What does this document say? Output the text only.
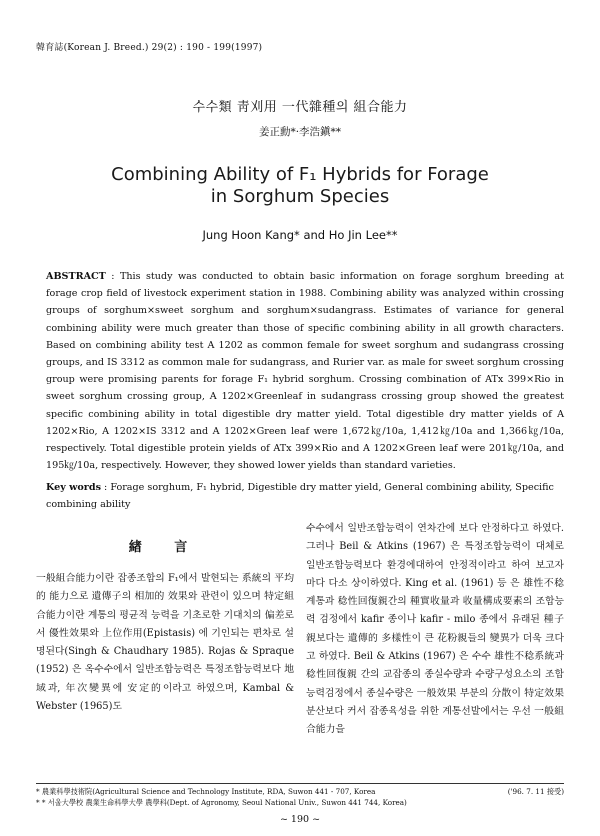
韓育誌(Korean J. Breed.) 29(2) : 190 - 199(1997)
수수類 靑刈用 一代雜種의 組合能力
姜正勳*·李浩鎭**
Combining Ability of F₁ Hybrids for Forage
in Sorghum Species
Jung Hoon Kang* and Ho Jin Lee**
ABSTRACT : This study was conducted to obtain basic information on forage sorghum breeding at forage crop field of livestock experiment station in 1988. Combining ability was analyzed within crossing groups of sorghum×sweet sorghum and sorghum×sudangrass. Estimates of variance for general combining ability were much greater than those of specific combining ability in all growth characters. Based on combining ability test A 1202 as common female for sweet sorghum and sudangrass crossing groups, and IS 3312 as common male for sudangrass, and Rurier var. as male for sweet sorghum crossing group were promising parents for forage F₁ hybrid sorghum. Crossing combination of ATx 399×Rio in sweet sorghum crossing group, A 1202×Greenleaf in sudangrass crossing group showed the greatest specific combining ability in total digestible dry matter yield. Total digestible dry matter yields of A 1202×Rio, A 1202×IS 3312 and A 1202×Green leaf were 1,672㎏/10a, 1,412㎏/10a and 1,366㎏/10a, respectively. Total digestible protein yields of ATx 399×Rio and A 1202×Green leaf were 201㎏/10a, and 195㎏/10a, respectively. However, they showed lower yields than standard varieties.
Key words : Forage sorghum, F₁ hybrid, Digestible dry matter yield, General combining ability, Specific combining ability
緖 言
一般組合能力이란 잡종조합의 F₁에서 발현되는 系統의 平均的 能力으로 遺傳子의 相加的 效果와 관련이 있으며 特定組合能力이란 계통의 평균적 능력을 기초로한 기대치의 偏差로서 優性效果와 上位作用(Epistasis) 에 기인되는 편차로 설명된다(Singh & Chaudhary 1985). Rojas & Spraque (1952) 은 옥수수에서 일반조합능력은 특정조합능력보다 地域과, 年次變異에 安定的이라고 하였으며, Kambal & Webster (1965)도
수수에서 일반조합능력이 연차간에 보다 안정하다고 하였다. 그러나 Beil & Atkins (1967) 은 특정조합능력이 대체로 일반조합능력보다 환경에대하여 안정적이라고 하여 보고자마다 다소 상이하였다. King et al. (1961) 등 은 雄性不稔 계통과 稔性回復親간의 種實收量과 收量構成要素의 조합능력 검정에서 kafir 종이나 kafir - milo 종에서 유래된 種子親보다는 遺傳的 多樣性이 큰 花粉親들의 變異가 더욱 크다고 하였다. Beil & Atkins (1967) 은 수수 雄性不稔系統과 稔性回復親 간의 교잡종의 종실수량과 수량구성요소의 조합능력검정에서 종실수량은 一般效果 부분의 分散이 特定效果 분산보다 커서 잡종육성을 위한 계통선발에서는 우선 一般組合能力을
('96. 7. 11 接受)
* 農業科學技術院(Agricultural Science and Technology Institute, RDA, Suwon 441 - 707, Korea
* * 서울大學校 農業生命科學大學 農學科(Dept. of Agronomy, Seoul National Univ., Suwon 441 744, Korea)
~ 190 ~
